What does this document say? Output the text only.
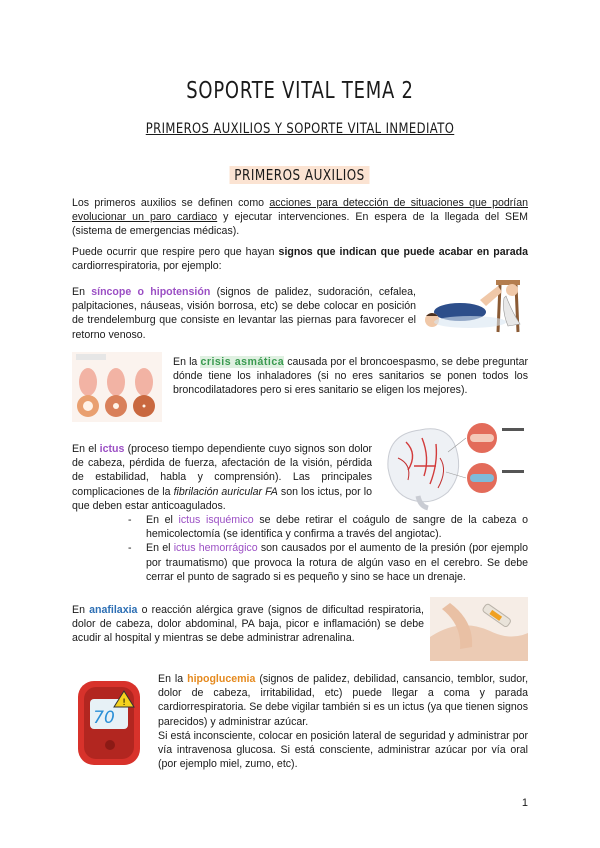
SOPORTE VITAL TEMA 2
PRIMEROS AUXILIOS Y SOPORTE VITAL INMEDIATO
PRIMEROS AUXILIOS

Los primeros auxilios se definen como acciones para detección de situaciones que podrían evolucionar un paro cardiaco y ejecutar intervenciones. En espera de la llegada del SEM (sistema de emergencias médicas).

Puede ocurrir que respire pero que hayan signos que indican que puede acabar en parada cardiorrespiratoria, por ejemplo:

En síncope o hipotensión (signos de palidez, sudoración, cefalea, palpitaciones, náuseas, visión borrosa, etc) se debe colocar en posición de trendelemburg que consiste en levantar las piernas para favorecer el retorno venoso.

En la crisis asmática causada por el broncoespasmo, se debe preguntar dónde tiene los inhaladores (si no eres sanitarios se ponen todos los broncodilatadores pero si eres sanitario se eligen los mejores).

En el ictus (proceso tiempo dependiente cuyo signos son dolor de cabeza, pérdida de fuerza, afectación de la visión, pérdida de estabilidad, habla y comprensión). Las principales complicaciones de la fibrilación auricular FA son los ictus, por lo que deben estar anticoagulados.

- En el ictus isquémico se debe retirar el coágulo de sangre de la cabeza o hemicolectomía (se identifica y confirma a través del angiotac).
- En el ictus hemorrágico son causados por el aumento de la presión (por ejemplo por traumatismo) que provoca la rotura de algún vaso en el cerebro. Se debe cerrar el punto de sagrado si es pequeño y sino se hace un drenaje.

En anafilaxia o reacción alérgica grave (signos de dificultad respiratoria, dolor de cabeza, dolor abdominal, PA baja, picor e inflamación) se debe acudir al hospital y mientras se debe administrar adrenalina.

!
70

En la hipoglucemia (signos de palidez, debilidad, cansancio, temblor, sudor, dolor de cabeza, irritabilidad, etc) puede llegar a coma y parada cardiorrespiratoria. Se debe vigilar también si es un ictus (ya que tienen signos parecidos) y administrar azúcar.

Si está inconsciente, colocar en posición lateral de seguridad y administrar por vía intravenosa glucosa. Si está consciente, administrar azúcar por vía oral (por ejemplo miel, zumo, etc).

1
